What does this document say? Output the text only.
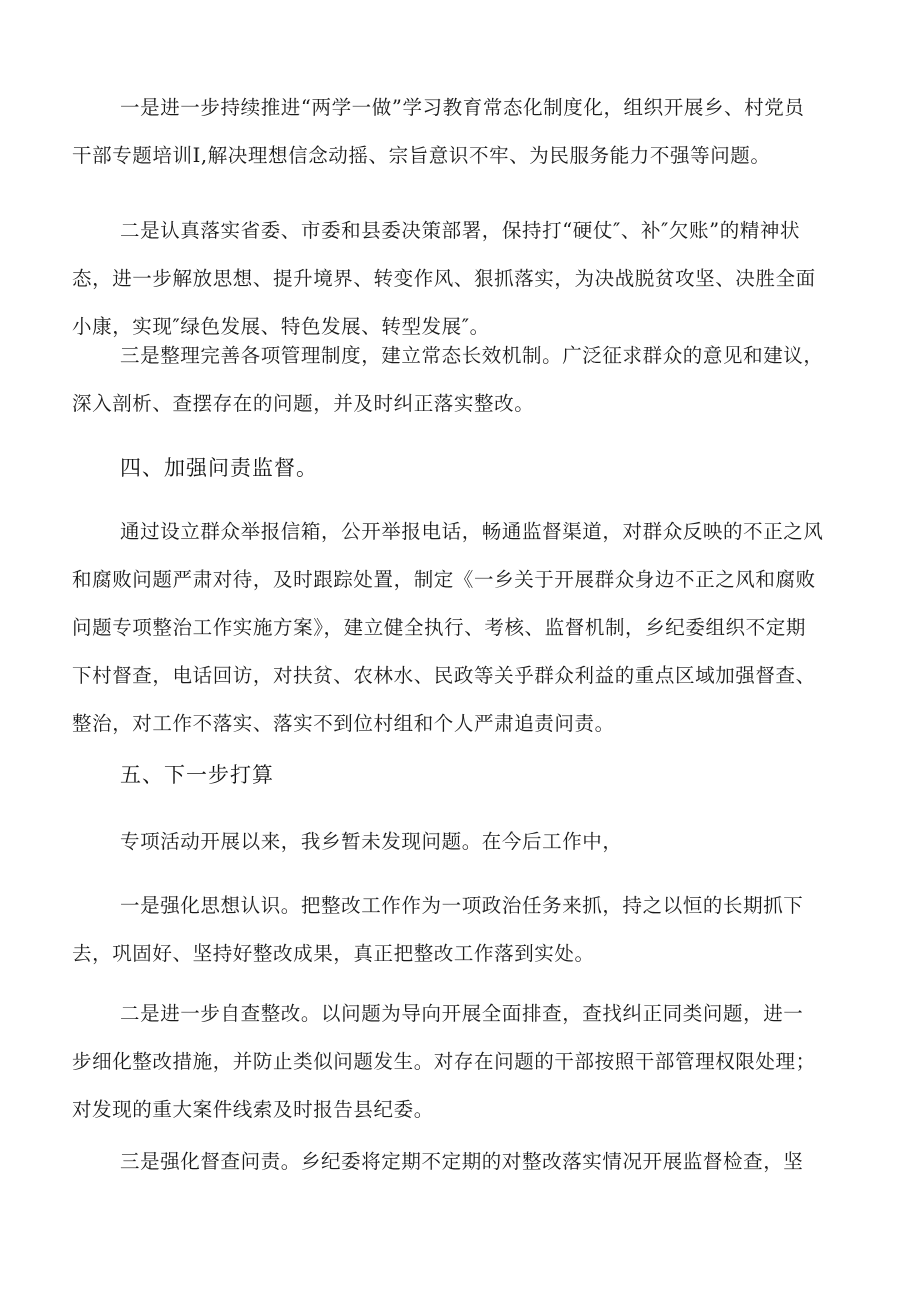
一是进一步持续推进“两学一做”学习教育常态化制度化，组织开展乡、村党员
干部专题培训Ⅰ,解决理想信念动摇、宗旨意识不牢、为民服务能力不强等问题。
二是认真落实省委、市委和县委决策部署，保持打“硬仗″、补″欠账”的精神状
态，进一步解放思想、提升境界、转变作风、狠抓落实，为决战脱贫攻坚、决胜全面
小康，实现″绿色发展、特色发展、转型发展″。
三是整理完善各项管理制度，建立常态长效机制。广泛征求群众的意见和建议，
深入剖析、查摆存在的问题，并及时纠正落实整改。
四、加强问责监督。
通过设立群众举报信箱，公开举报电话，畅通监督渠道，对群众反映的不正之风
和腐败问题严肃对待，及时跟踪处置，制定《一乡关于开展群众身边不正之风和腐败
问题专项整治工作实施方案》，建立健全执行、考核、监督机制，乡纪委组织不定期
下村督查，电话回访，对扶贫、农林水、民政等关乎群众利益的重点区域加强督查、
整治，对工作不落实、落实不到位村组和个人严肃追责问责。
五、下一步打算
专项活动开展以来，我乡暂未发现问题。在今后工作中，
一是强化思想认识。把整改工作作为一项政治任务来抓，持之以恒的长期抓下
去，巩固好、坚持好整改成果，真正把整改工作落到实处。
二是进一步自查整改。以问题为导向开展全面排查，查找纠正同类问题，进一
步细化整改措施，并防止类似问题发生。对存在问题的干部按照干部管理权限处理；
对发现的重大案件线索及时报告县纪委。
三是强化督查问责。乡纪委将定期不定期的对整改落实情况开展监督检查，坚
